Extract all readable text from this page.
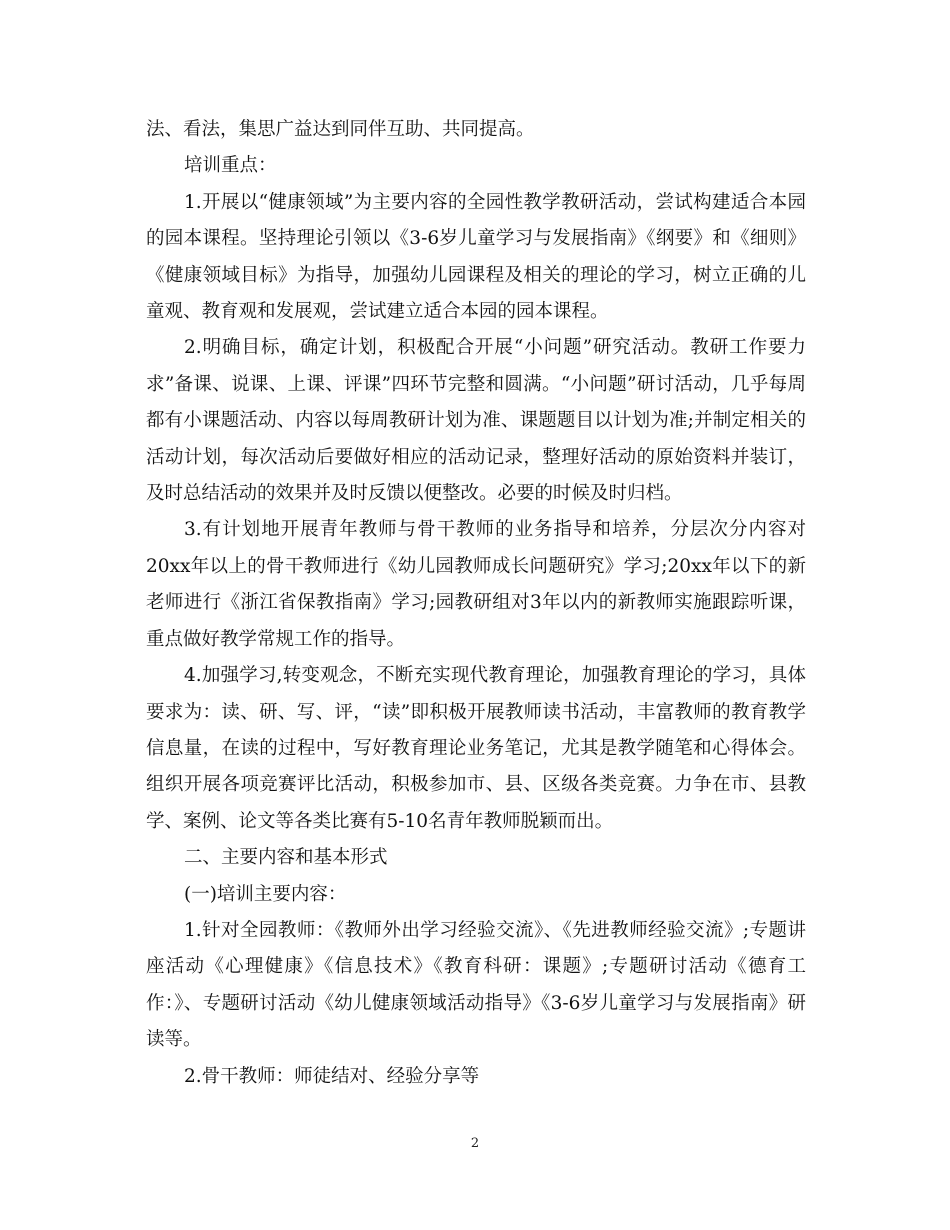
法、看法，集思广益达到同伴互助、共同提高。

培训重点：

1.开展以“健康领域”为主要内容的全园性教学教研活动，尝试构建适合本园的园本课程。坚持理论引领以《3-6岁儿童学习与发展指南》《纲要》和《细则》《健康领域目标》为指导，加强幼儿园课程及相关的理论的学习，树立正确的儿童观、教育观和发展观，尝试建立适合本园的园本课程。

2.明确目标，确定计划，积极配合开展“小问题”研究活动。教研工作要力求”备课、说课、上课、评课”四环节完整和圆满。“小问题”研讨活动，几乎每周都有小课题活动、内容以每周教研计划为准、课题题目以计划为准;并制定相关的活动计划，每次活动后要做好相应的活动记录，整理好活动的原始资料并装订，及时总结活动的效果并及时反馈以便整改。必要的时候及时归档。

3.有计划地开展青年教师与骨干教师的业务指导和培养，分层次分内容对20xx年以上的骨干教师进行《幼儿园教师成长问题研究》学习;20xx年以下的新老师进行《浙江省保教指南》学习;园教研组对3年以内的新教师实施跟踪听课，重点做好教学常规工作的指导。

4.加强学习,转变观念，不断充实现代教育理论，加强教育理论的学习，具体要求为：读、研、写、评，“读”即积极开展教师读书活动，丰富教师的教育教学信息量，在读的过程中，写好教育理论业务笔记，尤其是教学随笔和心得体会。组织开展各项竞赛评比活动，积极参加市、县、区级各类竞赛。力争在市、县教学、案例、论文等各类比赛有5-10名青年教师脱颖而出。

二、主要内容和基本形式

(一)培训主要内容：

1.针对全园教师：《教师外出学习经验交流》、《先进教师经验交流》;专题讲座活动《心理健康》《信息技术》《教育科研：课题》;专题研讨活动《德育工作：》、专题研讨活动《幼儿健康领域活动指导》《3-6岁儿童学习与发展指南》研读等。

2.骨干教师：师徒结对、经验分享等

2
